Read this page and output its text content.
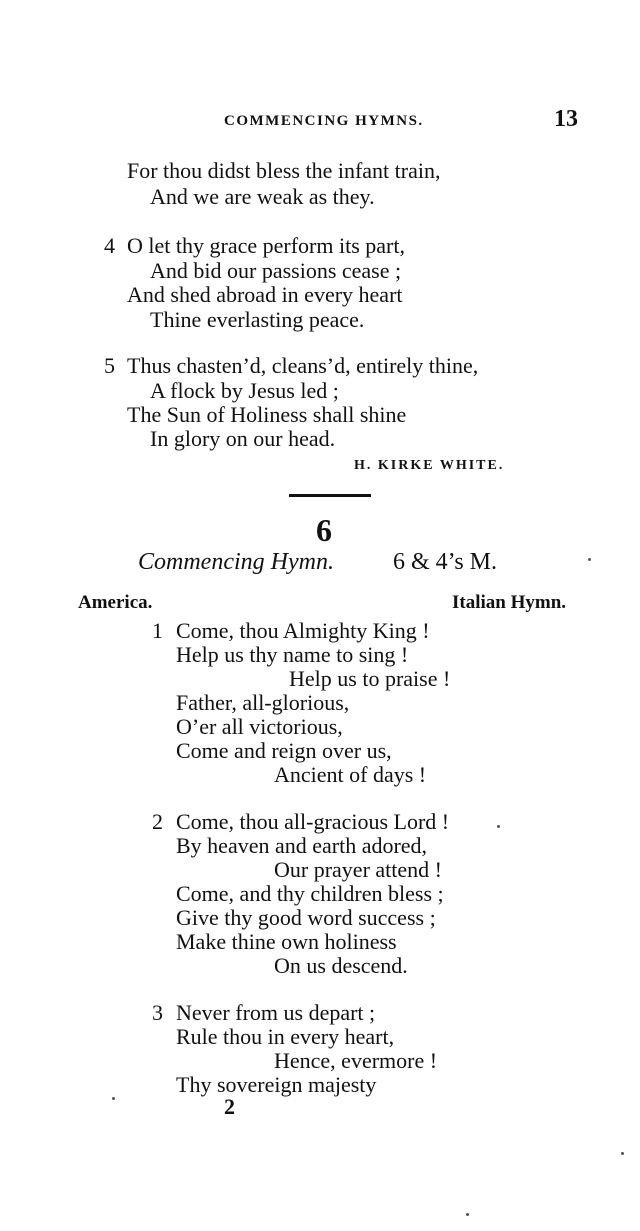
COMMENCING HYMNS.	13
For thou didst bless the infant train,
And we are weak as they.
4 O let thy grace perform its part,
And bid our passions cease ;
And shed abroad in every heart
Thine everlasting peace.
5 Thus chasten’d, cleans’d, entirely thine,
A flock by Jesus led ;
The Sun of Holiness shall shine
In glory on our head.
H. KIRKE WHITE.
6
Commencing Hymn. 6 & 4’s M.
America.	Italian Hymn.
1 Come, thou Almighty King !
Help us thy name to sing !
Help us to praise !
Father, all-glorious,
O’er all victorious,
Come and reign over us,
Ancient of days !
2 Come, thou all-gracious Lord !
By heaven and earth adored,
Our prayer attend !
Come, and thy children bless ;
Give thy good word success ;
Make thine own holiness
On us descend.
3 Never from us depart ;
Rule thou in every heart,
Hence, evermore !
Thy sovereign majesty
2
